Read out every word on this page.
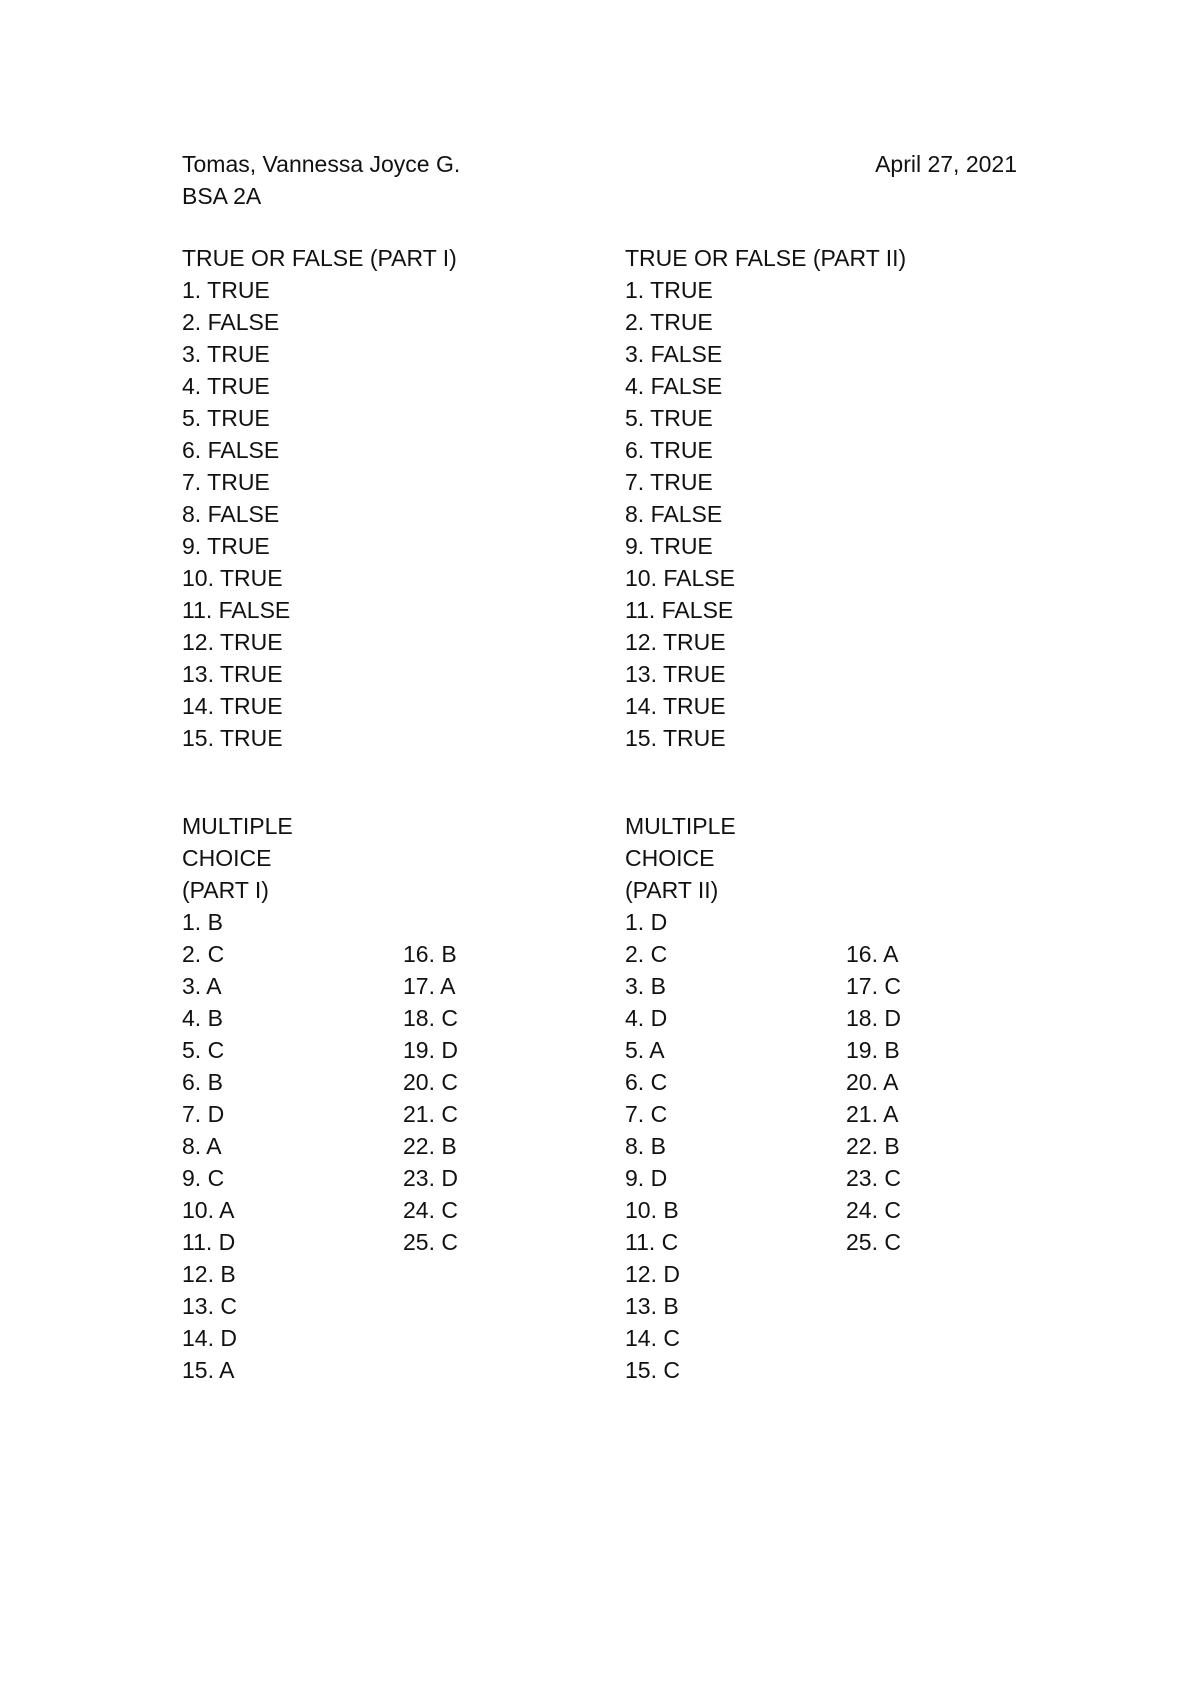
Tomas, Vannessa Joyce G.
BSA 2A
April 27, 2021
TRUE OR FALSE (PART I)
1. TRUE
2. FALSE
3. TRUE
4. TRUE
5. TRUE
6. FALSE
7. TRUE
8. FALSE
9. TRUE
10. TRUE
11. FALSE
12. TRUE
13. TRUE
14. TRUE
15. TRUE
TRUE OR FALSE (PART II)
1. TRUE
2. TRUE
3. FALSE
4. FALSE
5. TRUE
6. TRUE
7. TRUE
8. FALSE
9. TRUE
10. FALSE
11. FALSE
12. TRUE
13. TRUE
14. TRUE
15. TRUE
MULTIPLE
CHOICE
(PART I)
1. B
2. C
3. A
4. B
5. C
6. B
7. D
8. A
9. C
10. A
11. D
12. B
13. C
14. D
15. A
16. B
17. A
18. C
19. D
20. C
21. C
22. B
23. D
24. C
25. C
MULTIPLE
CHOICE
(PART II)
1. D
2. C
3. B
4. D
5. A
6. C
7. C
8. B
9. D
10. B
11. C
12. D
13. B
14. C
15. C
16. A
17. C
18. D
19. B
20. A
21. A
22. B
23. C
24. C
25. C
